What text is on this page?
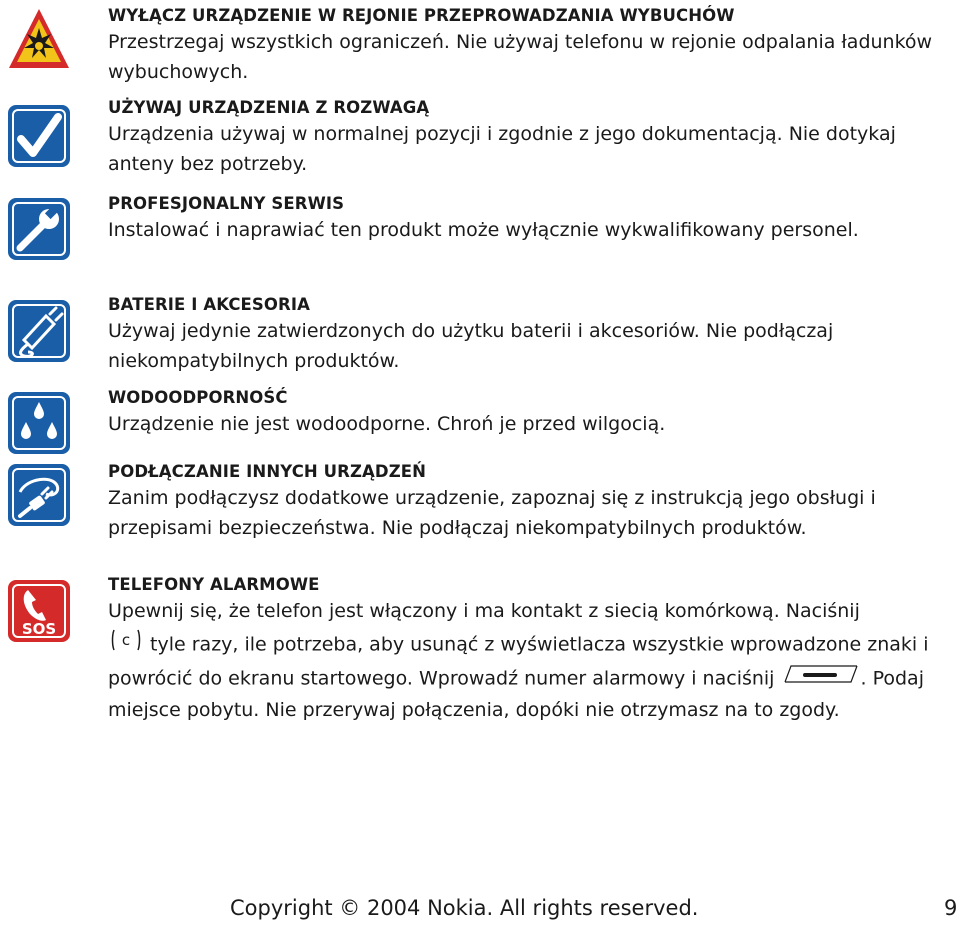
WYŁĄCZ URZĄDZENIE W REJONIE PRZEPROWADZANIA WYBUCHÓW

Przestrzegaj wszystkich ograniczeń. Nie używaj telefonu w rejonie odpalania ładunków wybuchowych.

UŻYWAJ URZĄDZENIA Z ROZWAGĄ

Urządzenia używaj w normalnej pozycji i zgodnie z jego dokumentacją. Nie dotykaj anteny bez potrzeby.

PROFESJONALNY SERWIS

Instalować i naprawiać ten produkt może wyłącznie wykwalifikowany personel.

BATERIE I AKCESORIA

Używaj jedynie zatwierdzonych do użytku baterii i akcesoriów. Nie podłączaj niekompatybilnych produktów.

WODOODPORNOŚĆ

Urządzenie nie jest wodoodporne. Chroń je przed wilgocią.

PODŁĄCZANIE INNYCH URZĄDZEŃ

Zanim podłączysz dodatkowe urządzenie, zapoznaj się z instrukcją jego obsługi i przepisami bezpieczeństwa. Nie podłączaj niekompatybilnych produktów.

SOS

TELEFONY ALARMOWE

Upewnij się, że telefon jest włączony i ma kontakt z siecią komórkową. Naciśnij

c tyle razy, ile potrzeba, aby usunąć z wyświetlacza wszystkie wprowadzone znaki i powrócić do ekranu startowego. Wprowadź numer alarmowy i naciśnij	. Podaj miejsce pobytu. Nie przerywaj połączenia, dopóki nie otrzymasz na to zgody.

Copyright © 2004 Nokia. All rights reserved.	9
